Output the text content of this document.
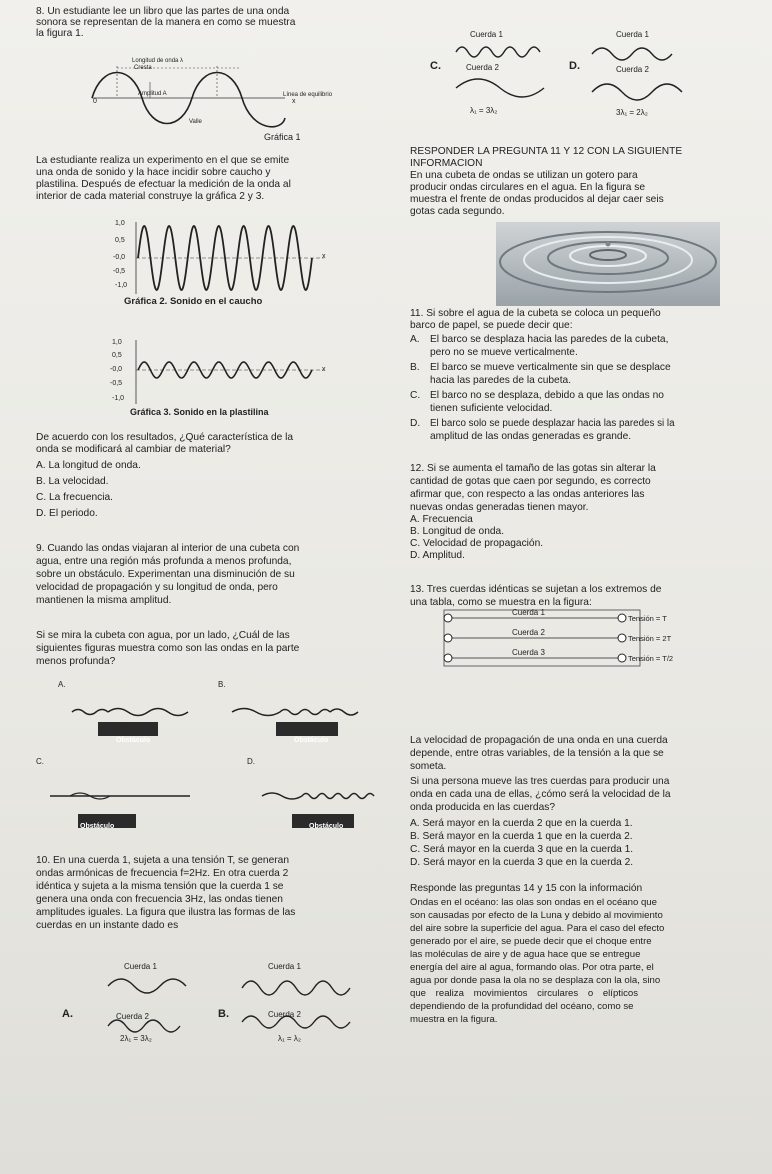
8. Un estudiante lee un libro que las partes de una onda
sonora se representan de la manera en como se muestra
la figura 1.
Longitud de onda λ
Cresta
Amplitud A	Línea de equilibrio
Valle
x
0
Gráfica 1
La estudiante realiza un experimento en el que se emite
una onda de sonido y la hace incidir sobre caucho y
plastilina. Después de efectuar la medición de la onda al
interior de cada material construye la gráfica 2 y 3.
1,0
0,5
-0,0
-0,5
-1,0
x
Gráfica 2. Sonido en el caucho
1,0
0,5
-0,0
-0,5
-1,0
x
Gráfica 3. Sonido en la plastilina
De acuerdo con los resultados, ¿Qué característica de la
onda se modificará al cambiar de material?
A. La longitud de onda.
B. La velocidad.
C. La frecuencia.
D. El periodo.
9. Cuando las ondas viajaran al interior de una cubeta con
agua, entre una región más profunda a menos profunda,
sobre un obstáculo. Experimentan una disminución de su
velocidad de propagación y su longitud de onda, pero
mantienen la misma amplitud.
Si se mira la cubeta con agua, por un lado, ¿Cuál de las
siguientes figuras muestra como son las ondas en la parte
menos profunda?
A.
Obstáculo
B.
Obstáculo
C.
Obstáculo
D.
Obstáculo
10. En una cuerda 1, sujeta a una tensión T, se generan
ondas armónicas de frecuencia f=2Hz. En otra cuerda 2
idéntica y sujeta a la misma tensión que la cuerda 1 se
genera una onda con frecuencia 3Hz, las ondas tienen
amplitudes iguales. La figura que ilustra las formas de las
cuerdas en un instante dado es
Cuerda 1
A.	Cuerda 2
2λ₁ = 3λ₂
Cuerda 1
B.	Cuerda 2
λ₁ = λ₂
Cuerda 1
C.	Cuerda 2
λ₁ = 3λ₂
Cuerda 1
D.	Cuerda 2
3λ₁ = 2λ₂
RESPONDER LA PREGUNTA 11 Y 12 CON LA SIGUIENTE
INFORMACION
En una cubeta de ondas se utilizan un gotero para
producir ondas circulares en el agua. En la figura se
muestra el frente de ondas producidos al dejar caer seis
gotas cada segundo.
11. Si sobre el agua de la cubeta se coloca un pequeño
barco de papel, se puede decir que:
A. El barco se desplaza hacia las paredes de la cubeta,
pero no se mueve verticalmente.
B. El barco se mueve verticalmente sin que se desplace
hacia las paredes de la cubeta.
C. El barco no se desplaza, debido a que las ondas no
tienen suficiente velocidad.
D. El barco solo se puede desplazar hacia las paredes si la
amplitud de las ondas generadas es grande.
12. Si se aumenta el tamaño de las gotas sin alterar la
cantidad de gotas que caen por segundo, es correcto
afirmar que, con respecto a las ondas anteriores las
nuevas ondas generadas tienen mayor.
A. Frecuencia
B. Longitud de onda.
C. Velocidad de propagación.
D. Amplitud.
13. Tres cuerdas idénticas se sujetan a los extremos de
una tabla, como se muestra en la figura:
Cuerda 1
Tensión = T
Cuerda 2
Tensión = 2T
Cuerda 3
Tensión = T/2
La velocidad de propagación de una onda en una cuerda
depende, entre otras variables, de la tensión a la que se
someta.
Si una persona mueve las tres cuerdas para producir una
onda en cada una de ellas, ¿cómo será la velocidad de la
onda producida en las cuerdas?
A. Será mayor en la cuerda 2 que en la cuerda 1.
B. Será mayor en la cuerda 1 que en la cuerda 2.
C. Será mayor en la cuerda 3 que en la cuerda 1.
D. Será mayor en la cuerda 3 que en la cuerda 2.
Responde las preguntas 14 y 15 con la información
Ondas en el océano: las olas son ondas en el océano que
son causadas por efecto de la Luna y debido al movimiento
del aire sobre la superficie del agua. Para el caso del efecto
generado por el aire, se puede decir que el choque entre
las moléculas de aire y de agua hace que se entregue
energía del aire al agua, formando olas. Por otra parte, el
agua por donde pasa la ola no se desplaza con la ola, sino
que realiza movimientos circulares o elípticos
dependiendo de la profundidad del océano, como se
muestra en la figura.
